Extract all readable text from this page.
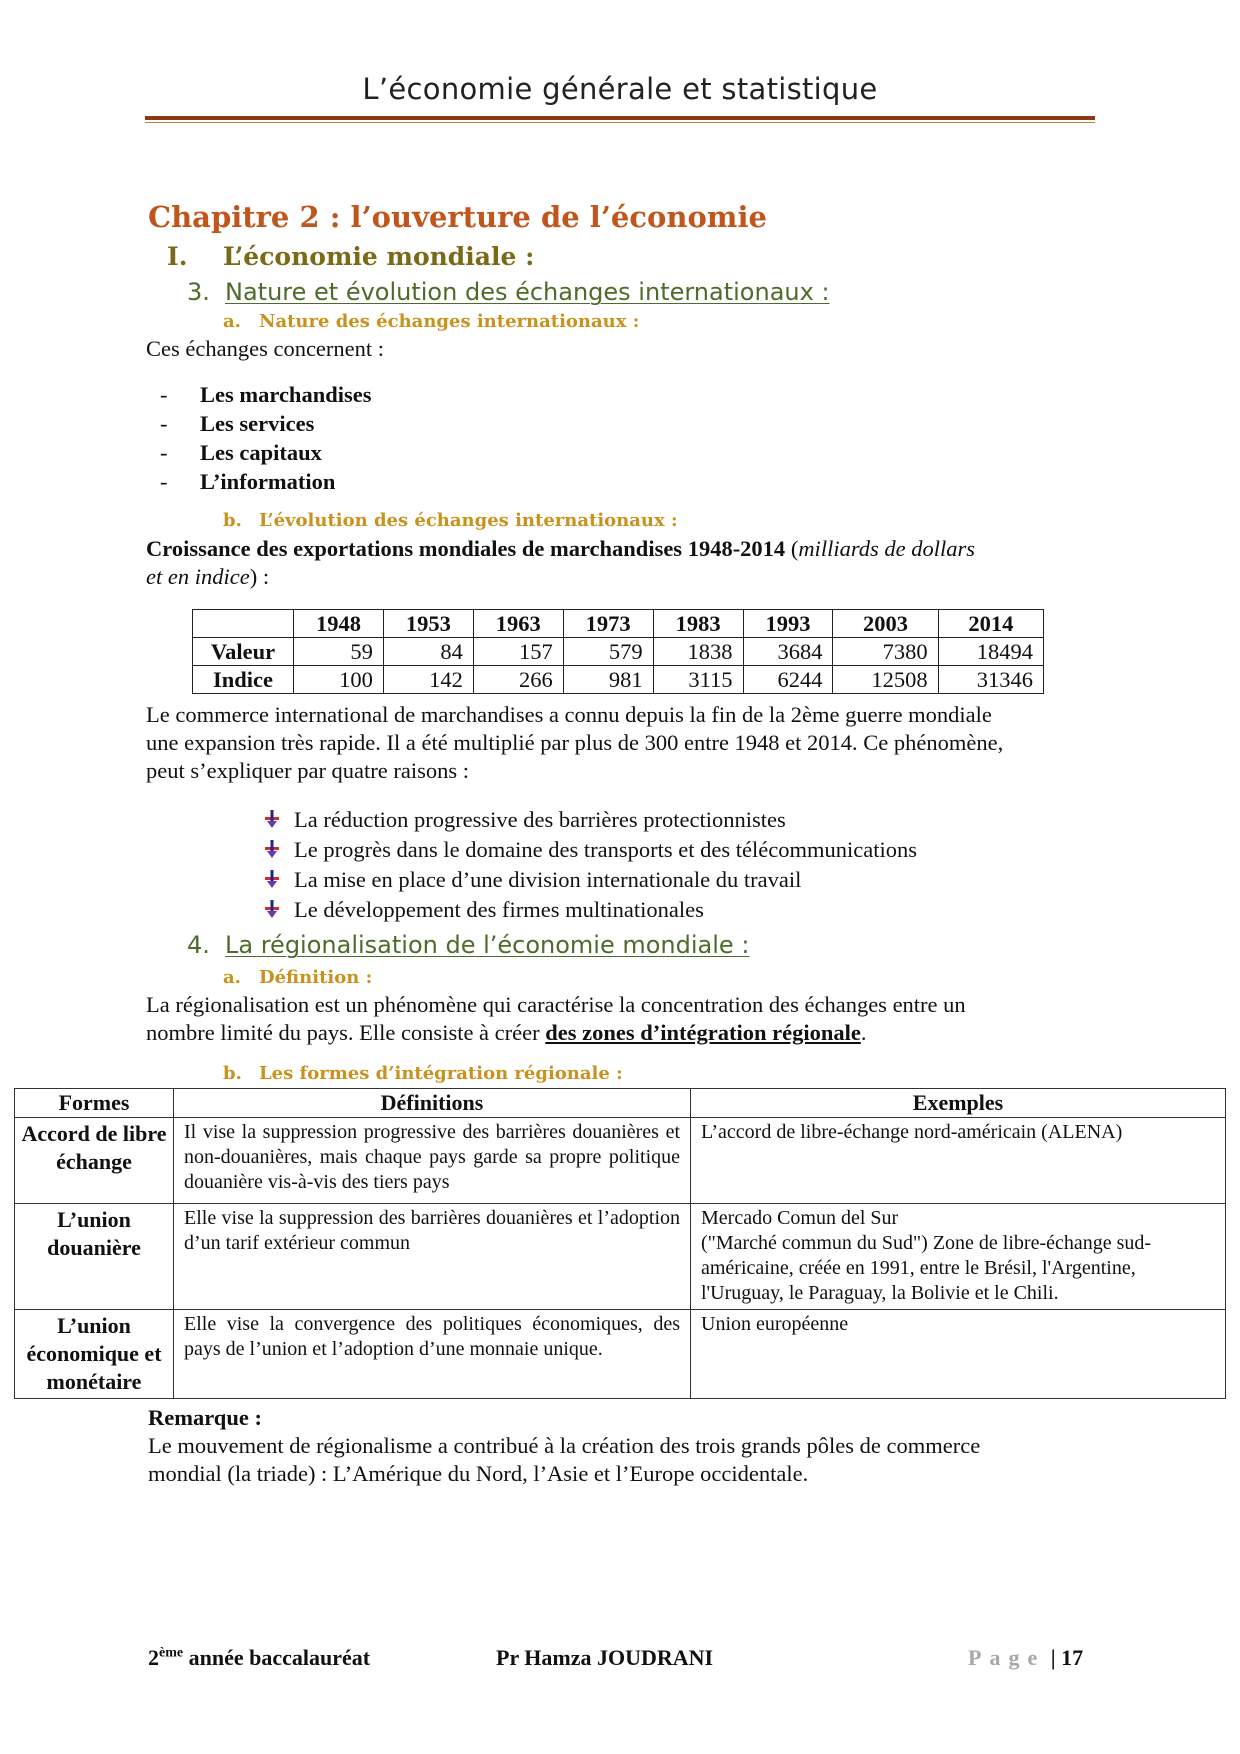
L’économie générale et statistique
Chapitre 2 : l’ouverture de l’économie
I. L’économie mondiale :
3. Nature et évolution des échanges internationaux :
a. Nature des échanges internationaux :
Ces échanges concernent :
- Les marchandises
- Les services
- Les capitaux
- L’information
b. L’évolution des échanges internationaux :
Croissance des exportations mondiales de marchandises 1948-2014 (milliards de dollars
et en indice) :
	1948	1953	1963	1973	1983	1993	2003	2014
Valeur	59	84	157	579	1838	3684	7380	18494
Indice	100	142	266	981	3115	6244	12508	31346
Le commerce international de marchandises a connu depuis la fin de la 2ème guerre mondiale
une expansion très rapide. Il a été multiplié par plus de 300 entre 1948 et 2014. Ce phénomène,
peut s’expliquer par quatre raisons :
La réduction progressive des barrières protectionnistes
Le progrès dans le domaine des transports et des télécommunications
La mise en place d’une division internationale du travail
Le développement des firmes multinationales
4. La régionalisation de l’économie mondiale :
a. Définition :
La régionalisation est un phénomène qui caractérise la concentration des échanges entre un
nombre limité du pays. Elle consiste à créer des zones d’intégration régionale.
b. Les formes d’intégration régionale :
Formes	Définitions	Exemples
Accord de libre échange	Il vise la suppression progressive des barrières douanières et non-douanières, mais chaque pays garde sa propre politique douanière vis-à-vis des tiers pays	L’accord de libre-échange nord-américain (ALENA)

L’union douanière	Elle vise la suppression des barrières douanières et l’adoption d’un tarif extérieur commun	Mercado Comun del Sur
("Marché commun du Sud") Zone de libre-échange sud-américaine, créée en 1991, entre le Brésil, l'Argentine, l'Uruguay, le Paraguay, la Bolivie et le Chili.

L’union économique et monétaire	Elle vise la convergence des politiques économiques, des pays de l’union et l’adoption d’une monnaie unique.	Union européenne
Remarque :
Le mouvement de régionalisme a contribué à la création des trois grands pôles de commerce
mondial (la triade) : L’Amérique du Nord, l’Asie et l’Europe occidentale.
2ème année baccalauréat	Pr Hamza JOUDRANI	Page | 17
